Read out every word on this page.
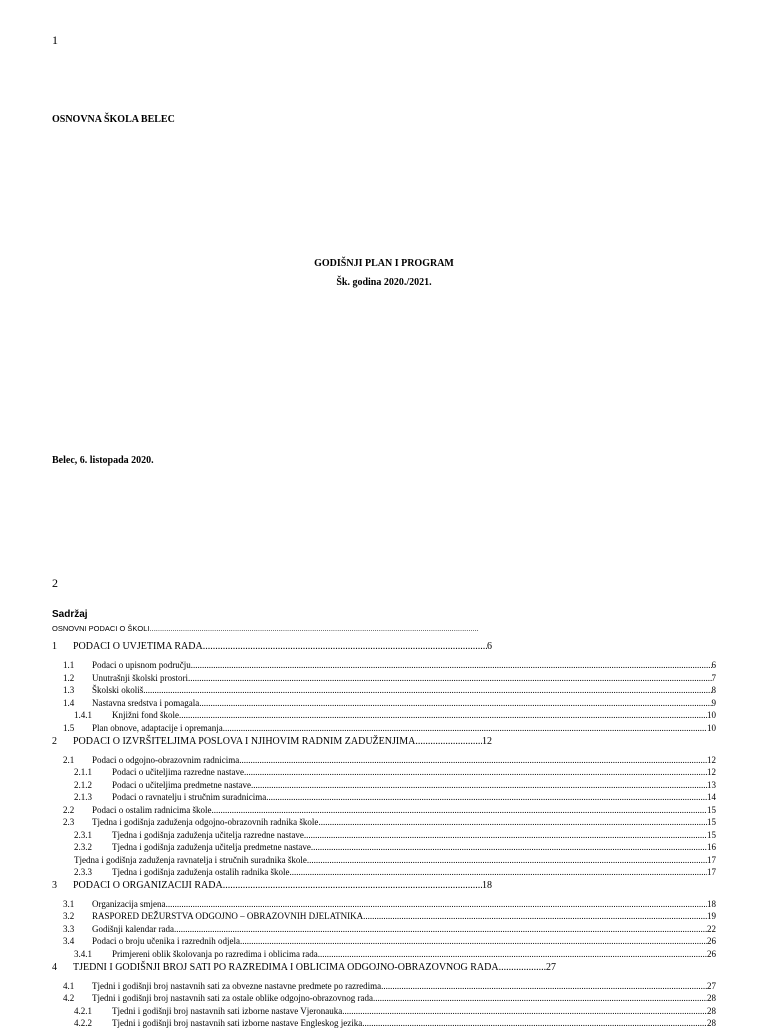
1
OSNOVNA ŠKOLA BELEC
GODIŠNJI PLAN I PROGRAM
Šk. godina 2020./2021.
Belec, 6. listopada 2020.
2
Sadržaj
OSNOVNI PODACI O ŠKOLI ..............................................................................................................................................................
1	PODACI O UVJETIMA RADA .....	6
1.1	Podaci o upisnom području .....	6
1.2	Unutrašnji školski prostori .....	7
1.3	Školski okoliš .....	8
1.4	Nastavna sredstva i pomagala .....	9
1.4.1	Knjižni fond škole .....	10
1.5	Plan obnove, adaptacije i opremanja .....	10
2	PODACI O IZVRŠITELJIMA POSLOVA I NJIHOVIM RADNIM ZADUŽENJIMA .....	12
2.1	Podaci o odgojno-obrazovnim radnicima .....	12
2.1.1	Podaci o učiteljima razredne nastave .....	12
2.1.2	Podaci o učiteljima predmetne nastave .....	13
2.1.3	Podaci o ravnatelju i stručnim suradnicima .....	14
2.2	Podaci o ostalim radnicima škole .....	15
2.3	Tjedna i godišnja zaduženja odgojno-obrazovnih radnika škole .....	15
2.3.1	Tjedna i godišnja zaduženja učitelja razredne nastave .....	15
2.3.2	Tjedna i godišnja zaduženja učitelja predmetne nastave .....	16
Tjedna i godišnja zaduženja ravnatelja i stručnih suradnika škole .....	17
2.3.3	Tjedna i godišnja zaduženja ostalih radnika škole .....	17
3	PODACI O ORGANIZACIJI RADA .....	18
3.1	Organizacija smjena .....	18
3.2	RASPORED DEŽURSTVA ODGOJNO – OBRAZOVNIH DJELATNIKA .....	19
3.3	Godišnji kalendar rada .....	22
3.4	Podaci o broju učenika i razrednih odjela .....	26
3.4.1	Primjereni oblik školovanja po razredima i oblicima rada .....	26
4	TJEDNI I GODIŠNJI BROJ SATI PO RAZREDIMA I OBLICIMA ODGOJNO-OBRAZOVNOG RADA .....	27
4.1	Tjedni i godišnji broj nastavnih sati za obvezne nastavne predmete po razredima .....	27
4.2	Tjedni i godišnji broj nastavnih sati za ostale oblike odgojno-obrazovnog rada .....	28
4.2.1	Tjedni i godišnji broj nastavnih sati izborne nastave Vjeronauka .....	28
4.2.2	Tjedni i godišnji broj nastavnih sati izborne nastave Engleskog jezika .....	28
